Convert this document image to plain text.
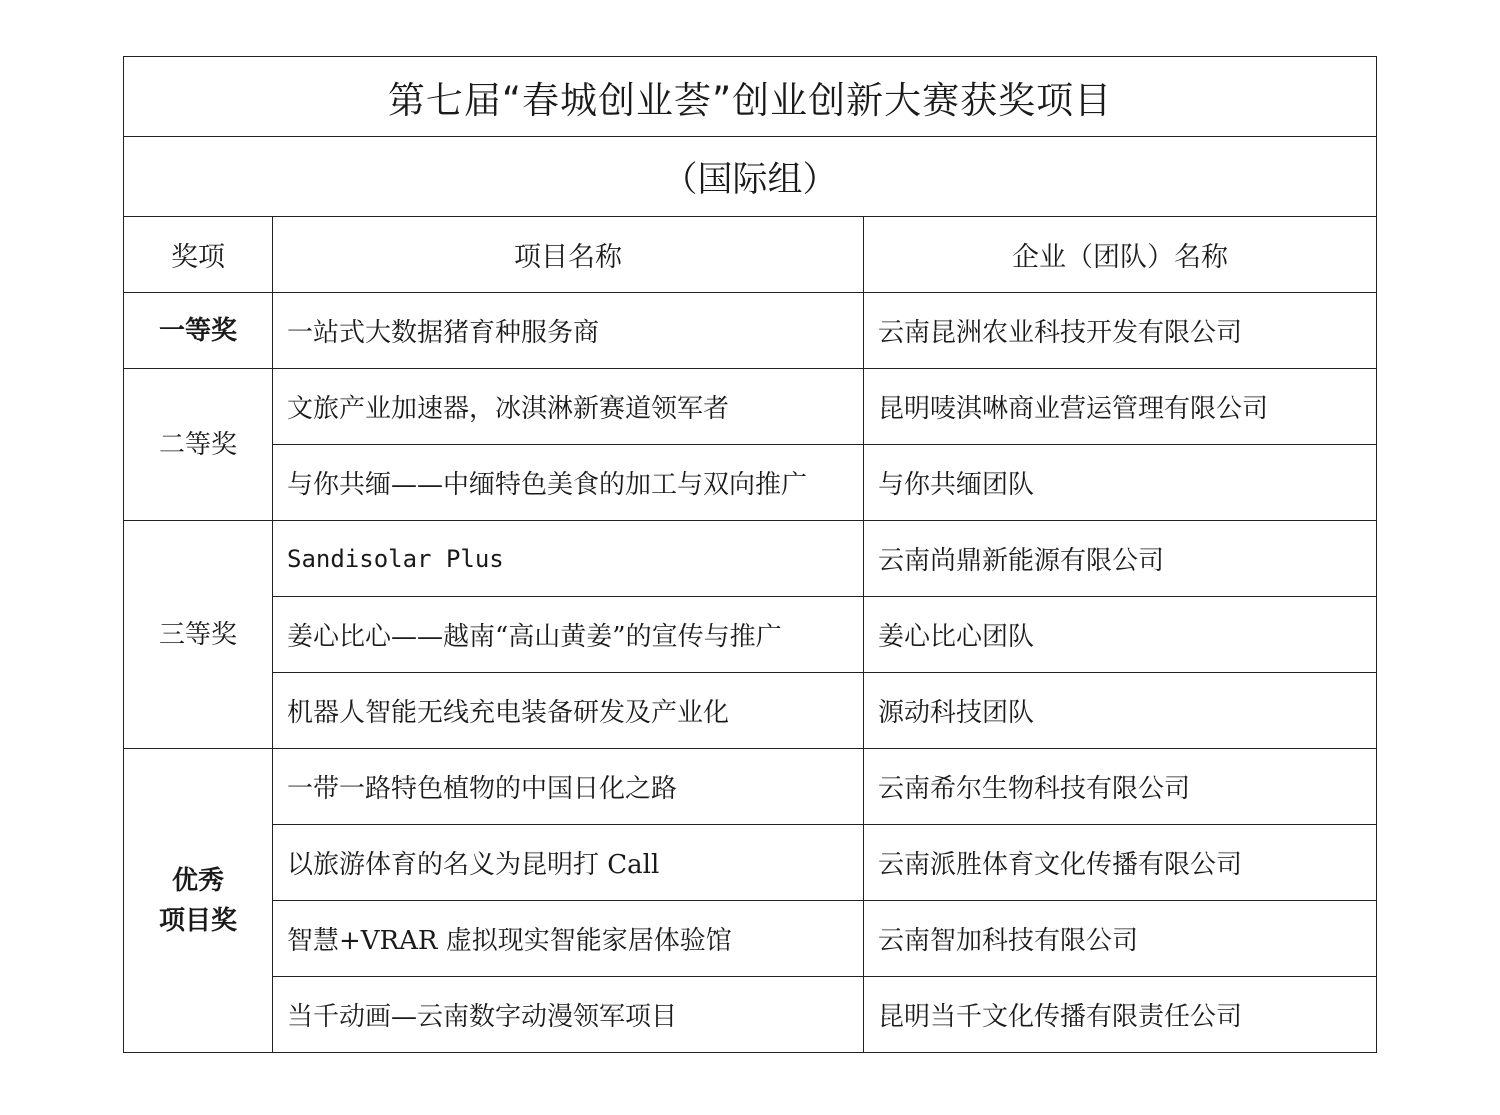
第七届“春城创业荟”创业创新大赛获奖项目		
（国际组）		
奖项	项目名称	企业（团队）名称
一等奖	一站式大数据猪育种服务商	云南昆洲农业科技开发有限公司
二等奖	文旅产业加速器，冰淇淋新赛道领军者	昆明唛淇啉商业营运管理有限公司
	与你共缅——中缅特色美食的加工与双向推广	与你共缅团队
三等奖	Sandisolar Plus	云南尚鼎新能源有限公司
	姜心比心——越南“高山黄姜”的宣传与推广	姜心比心团队
	机器人智能无线充电装备研发及产业化	源动科技团队

优秀
项目奖	一带一路特色植物的中国日化之路	云南希尔生物科技有限公司
	以旅游体育的名义为昆明打 Call	云南派胜体育文化传播有限公司
	智慧+VRAR 虚拟现实智能家居体验馆	云南智加科技有限公司
	当千动画—云南数字动漫领军项目	昆明当千文化传播有限责任公司
